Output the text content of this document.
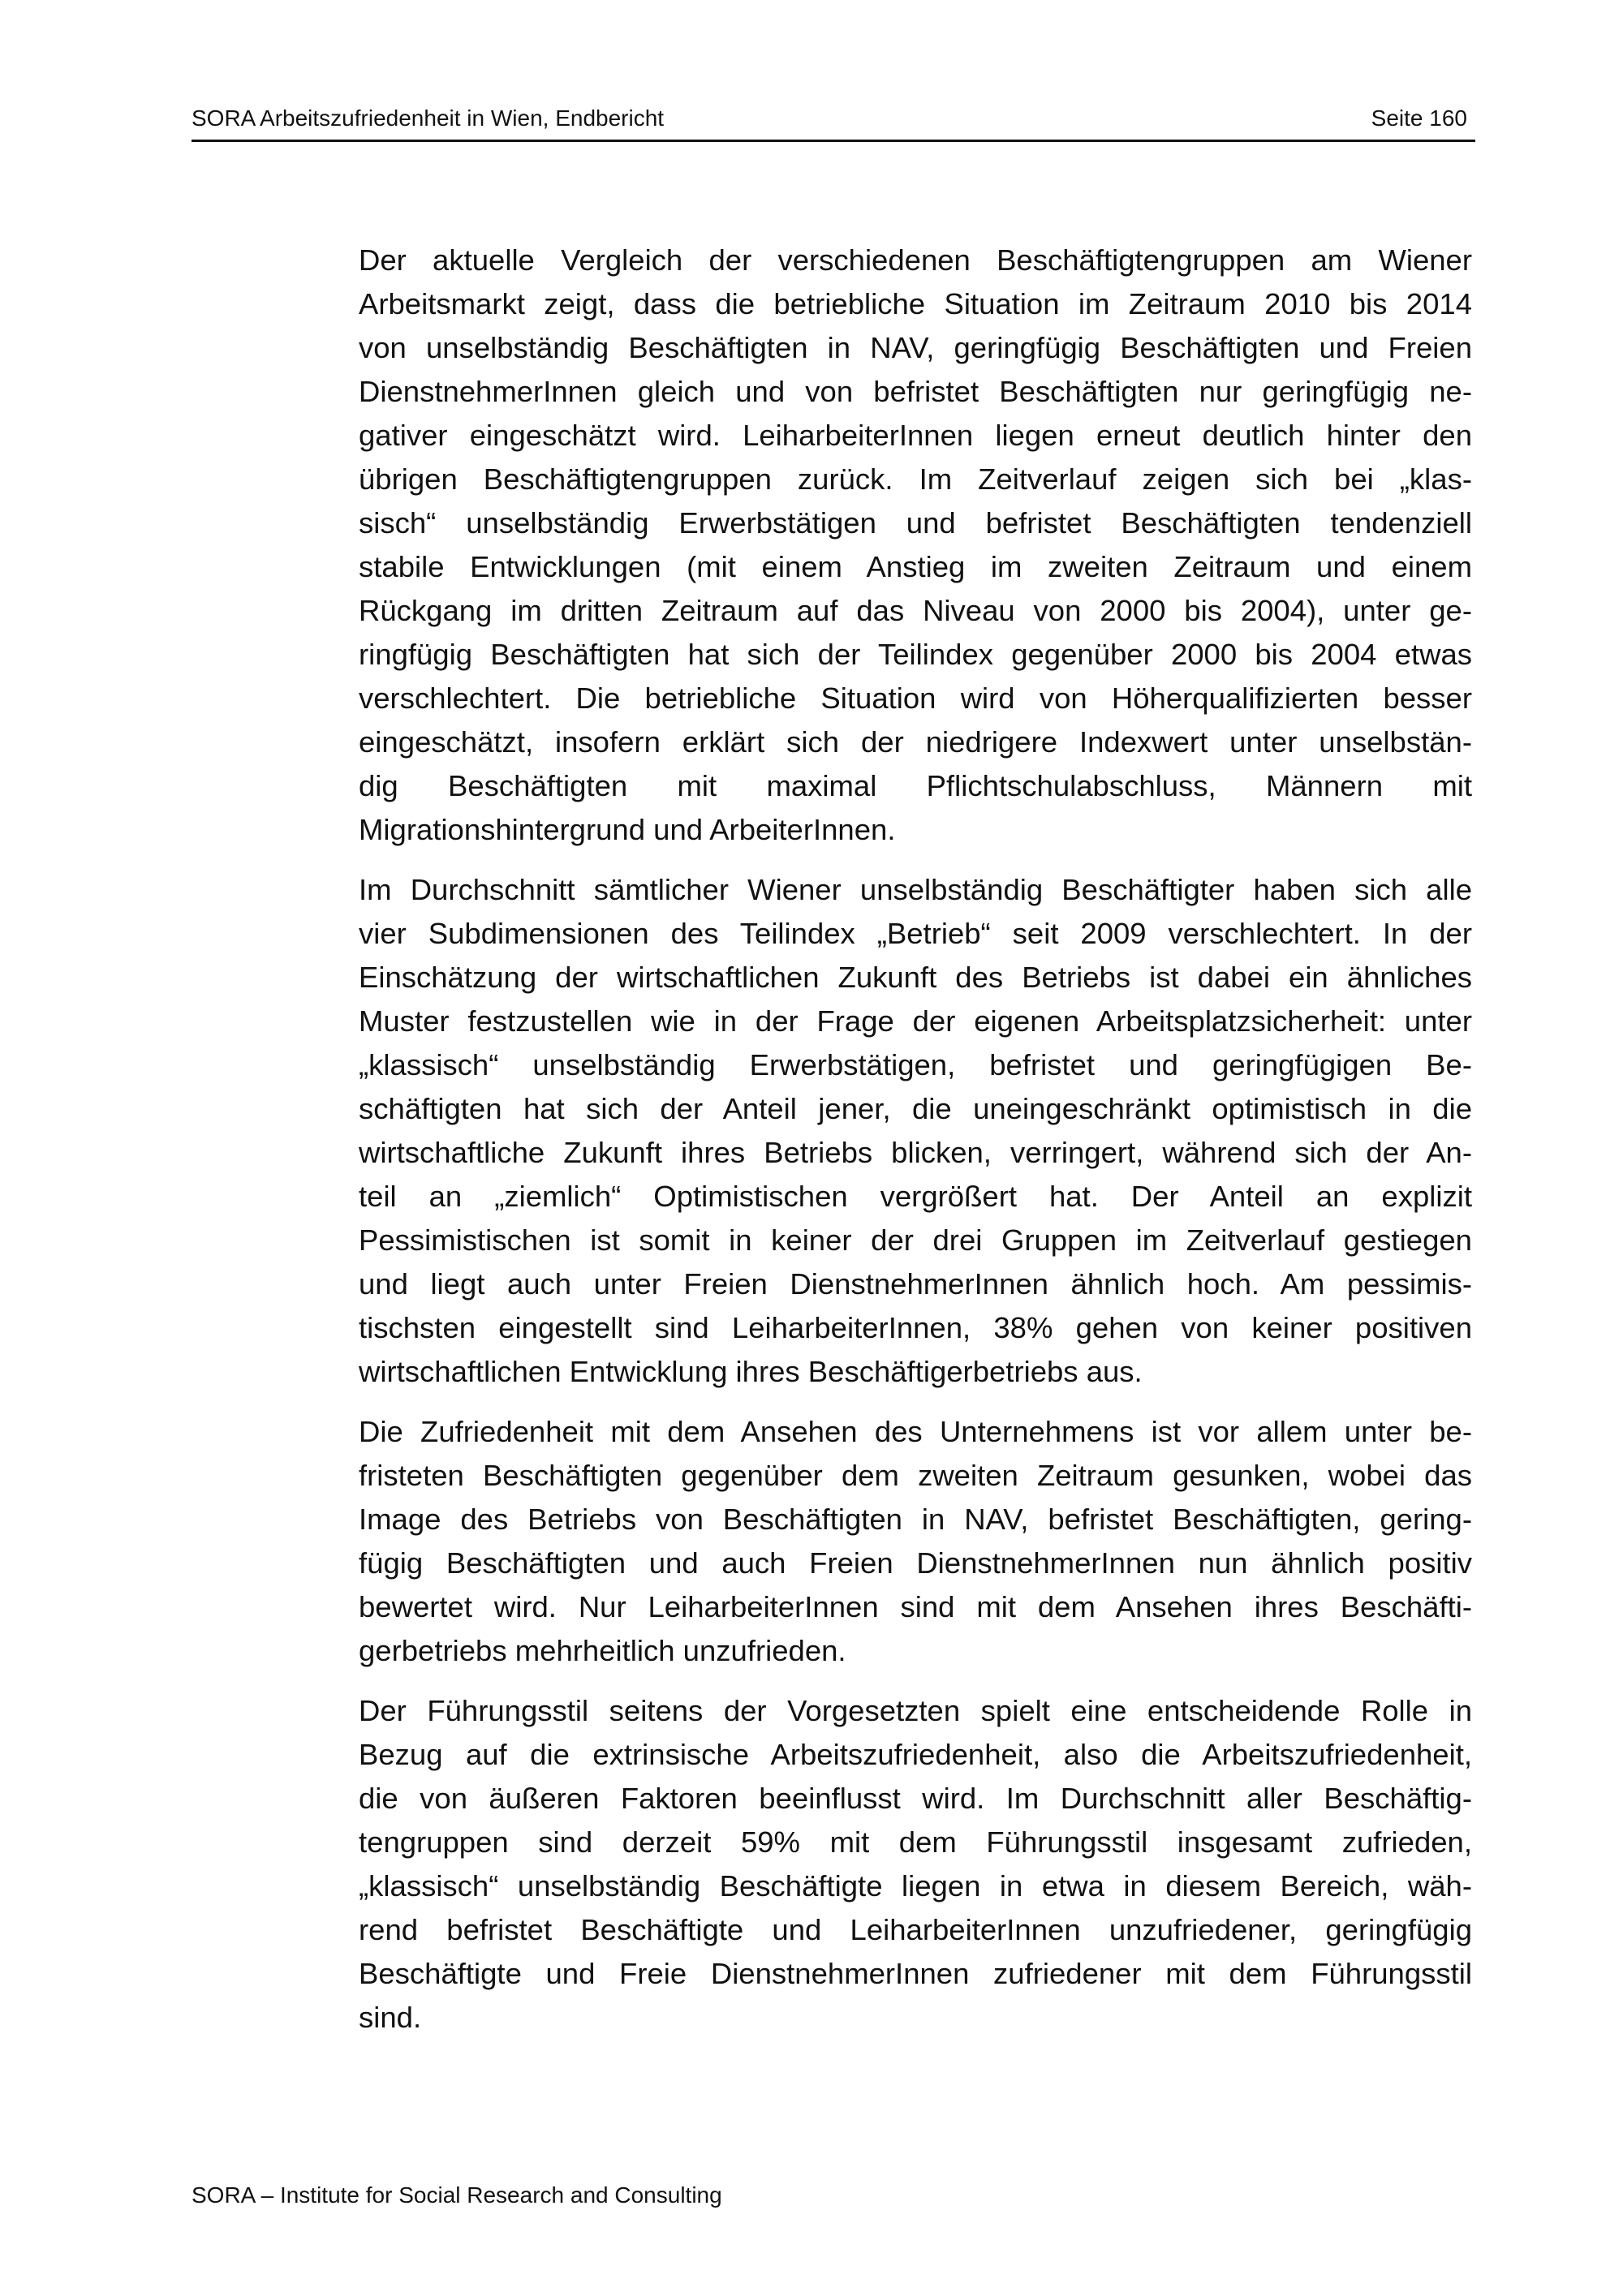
SORA Arbeitszufriedenheit in Wien, Endbericht	Seite 160
Der aktuelle Vergleich der verschiedenen Beschäftigtengruppen am Wiener
Arbeitsmarkt zeigt, dass die betriebliche Situation im Zeitraum 2010 bis 2014
von unselbständig Beschäftigten in NAV, geringfügig Beschäftigten und Freien
DienstnehmerInnen gleich und von befristet Beschäftigten nur geringfügig ne-
gativer eingeschätzt wird. LeiharbeiterInnen liegen erneut deutlich hinter den
übrigen Beschäftigtengruppen zurück. Im Zeitverlauf zeigen sich bei „klas-
sisch“ unselbständig Erwerbstätigen und befristet Beschäftigten tendenziell
stabile Entwicklungen (mit einem Anstieg im zweiten Zeitraum und einem
Rückgang im dritten Zeitraum auf das Niveau von 2000 bis 2004), unter ge-
ringfügig Beschäftigten hat sich der Teilindex gegenüber 2000 bis 2004 etwas
verschlechtert. Die betriebliche Situation wird von Höherqualifizierten besser
eingeschätzt, insofern erklärt sich der niedrigere Indexwert unter unselbstän-
dig Beschäftigten mit maximal Pflichtschulabschluss, Männern mit
Migrationshintergrund und ArbeiterInnen.
Im Durchschnitt sämtlicher Wiener unselbständig Beschäftigter haben sich alle
vier Subdimensionen des Teilindex „Betrieb“ seit 2009 verschlechtert. In der
Einschätzung der wirtschaftlichen Zukunft des Betriebs ist dabei ein ähnliches
Muster festzustellen wie in der Frage der eigenen Arbeitsplatzsicherheit: unter
„klassisch“ unselbständig Erwerbstätigen, befristet und geringfügigen Be-
schäftigten hat sich der Anteil jener, die uneingeschränkt optimistisch in die
wirtschaftliche Zukunft ihres Betriebs blicken, verringert, während sich der An-
teil an „ziemlich“ Optimistischen vergrößert hat. Der Anteil an explizit
Pessimistischen ist somit in keiner der drei Gruppen im Zeitverlauf gestiegen
und liegt auch unter Freien DienstnehmerInnen ähnlich hoch. Am pessimis-
tischsten eingestellt sind LeiharbeiterInnen, 38% gehen von keiner positiven
wirtschaftlichen Entwicklung ihres Beschäftigerbetriebs aus.
Die Zufriedenheit mit dem Ansehen des Unternehmens ist vor allem unter be-
fristeten Beschäftigten gegenüber dem zweiten Zeitraum gesunken, wobei das
Image des Betriebs von Beschäftigten in NAV, befristet Beschäftigten, gering-
fügig Beschäftigten und auch Freien DienstnehmerInnen nun ähnlich positiv
bewertet wird. Nur LeiharbeiterInnen sind mit dem Ansehen ihres Beschäfti-
gerbetriebs mehrheitlich unzufrieden.
Der Führungsstil seitens der Vorgesetzten spielt eine entscheidende Rolle in
Bezug auf die extrinsische Arbeitszufriedenheit, also die Arbeitszufriedenheit,
die von äußeren Faktoren beeinflusst wird. Im Durchschnitt aller Beschäftig-
tengruppen sind derzeit 59% mit dem Führungsstil insgesamt zufrieden,
„klassisch“ unselbständig Beschäftigte liegen in etwa in diesem Bereich, wäh-
rend befristet Beschäftigte und LeiharbeiterInnen unzufriedener, geringfügig
Beschäftigte und Freie DienstnehmerInnen zufriedener mit dem Führungsstil
sind.
SORA – Institute for Social Research and Consulting
